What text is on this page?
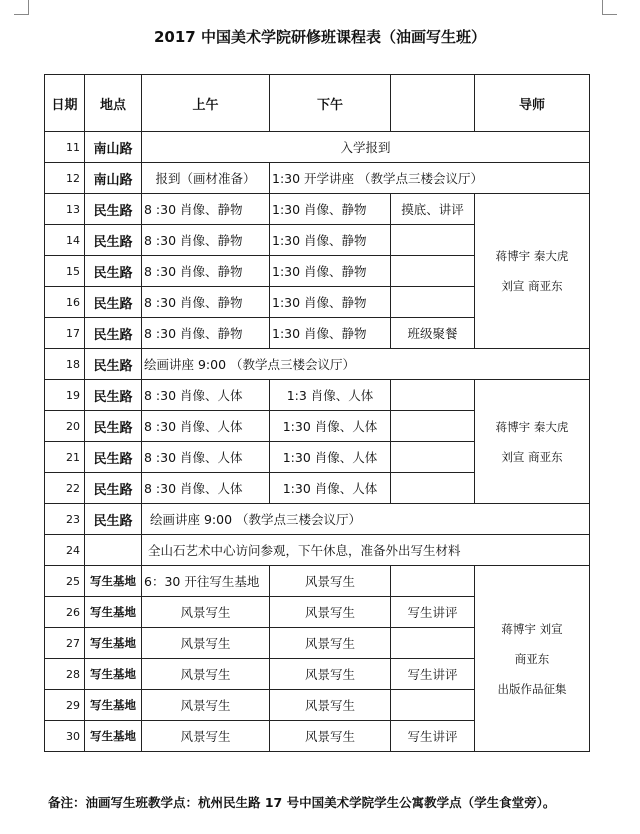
2017 中国美术学院研修班课程表（油画写生班）
日期	地点	上午	下午		导师
11	南山路	入学报到			
12	南山路	报到（画材准备）	1:30 开学讲座 （教学点三楼会议厅）		
13	民生路	8 :30 肖像、静物	1:30 肖像、静物	摸底、讲评	蒋博宇 秦大虎
刘宣 商亚东

14	民生路	8 :30 肖像、静物	1:30 肖像、静物		
15	民生路	8 :30 肖像、静物	1:30 肖像、静物		
16	民生路	8 :30 肖像、静物	1:30 肖像、静物		
17	民生路	8 :30 肖像、静物	1:30 肖像、静物	班级聚餐	
18	民生路	绘画讲座 9:00 （教学点三楼会议厅）			
19	民生路	8 :30 肖像、人体	1:3 肖像、人体		蒋博宇 秦大虎
刘宣 商亚东

20	民生路	8 :30 肖像、人体	1:30 肖像、人体		
21	民生路	8 :30 肖像、人体	1:30 肖像、人体		
22	民生路	8 :30 肖像、人体	1:30 肖像、人体		
23	民生路	绘画讲座 9:00 （教学点三楼会议厅）			
24		全山石艺术中心访问参观，下午休息，准备外出写生材料			
25	写生基地	6：30 开往写生基地	风景写生		蒋博宇 刘宣
商亚东
出版作品征集

26	写生基地	风景写生	风景写生	写生讲评	
27	写生基地	风景写生	风景写生		
28	写生基地	风景写生	风景写生	写生讲评	
29	写生基地	风景写生	风景写生		
30	写生基地	风景写生	风景写生	写生讲评	
备注：油画写生班教学点：杭州民生路 17 号中国美术学院学生公寓教学点（学生食堂旁）。
